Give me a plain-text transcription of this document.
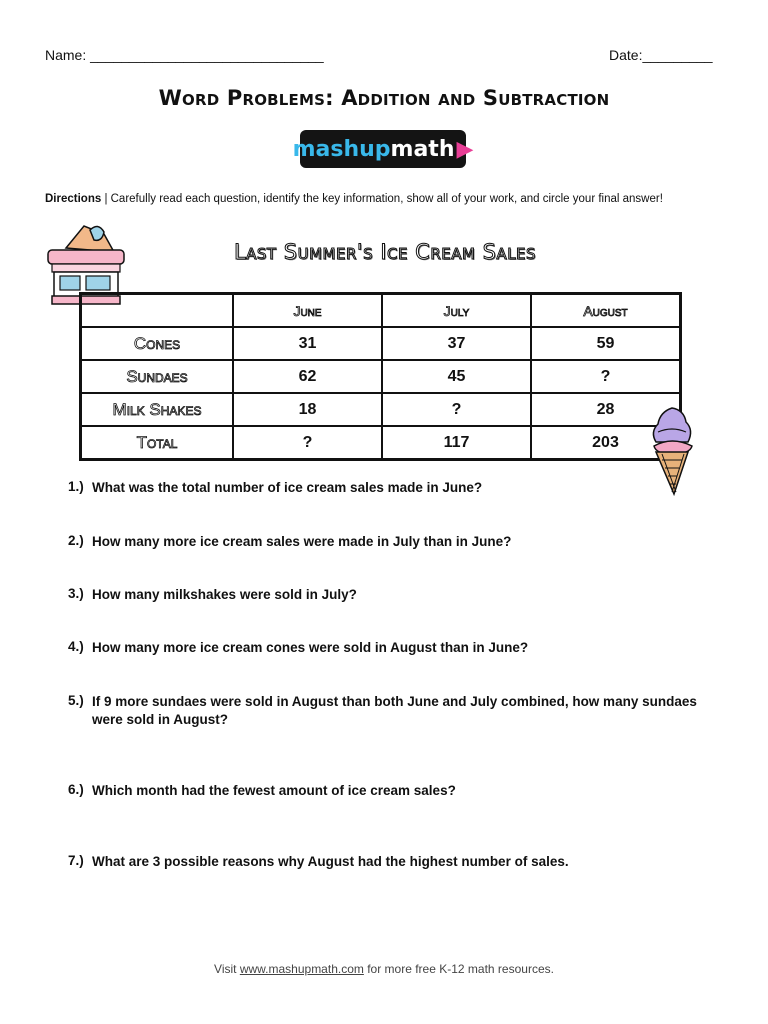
Name: ______________________________	Date:_________
Word Problems: Addition and Subtraction
mashup math ▶
Directions | Carefully read each question, identify the key information, show all of your work, and circle your final answer!
Last Summer's Ice Cream Sales
	June	July	August
Cones	31	37	59
Sundaes	62	45	?
Milk Shakes	18	?	28
Total	?	117	203
1.) What was the total number of ice cream sales made in June?
2.) How many more ice cream sales were made in July than in June?
3.) How many milkshakes were sold in July?
4.) How many more ice cream cones were sold in August than in June?
5.) If 9 more sundaes were sold in August than both June and July combined, how many sundaes were sold in August?
6.) Which month had the fewest amount of ice cream sales?
7.) What are 3 possible reasons why August had the highest number of sales.
Visit www.mashupmath.com for more free K-12 math resources.
